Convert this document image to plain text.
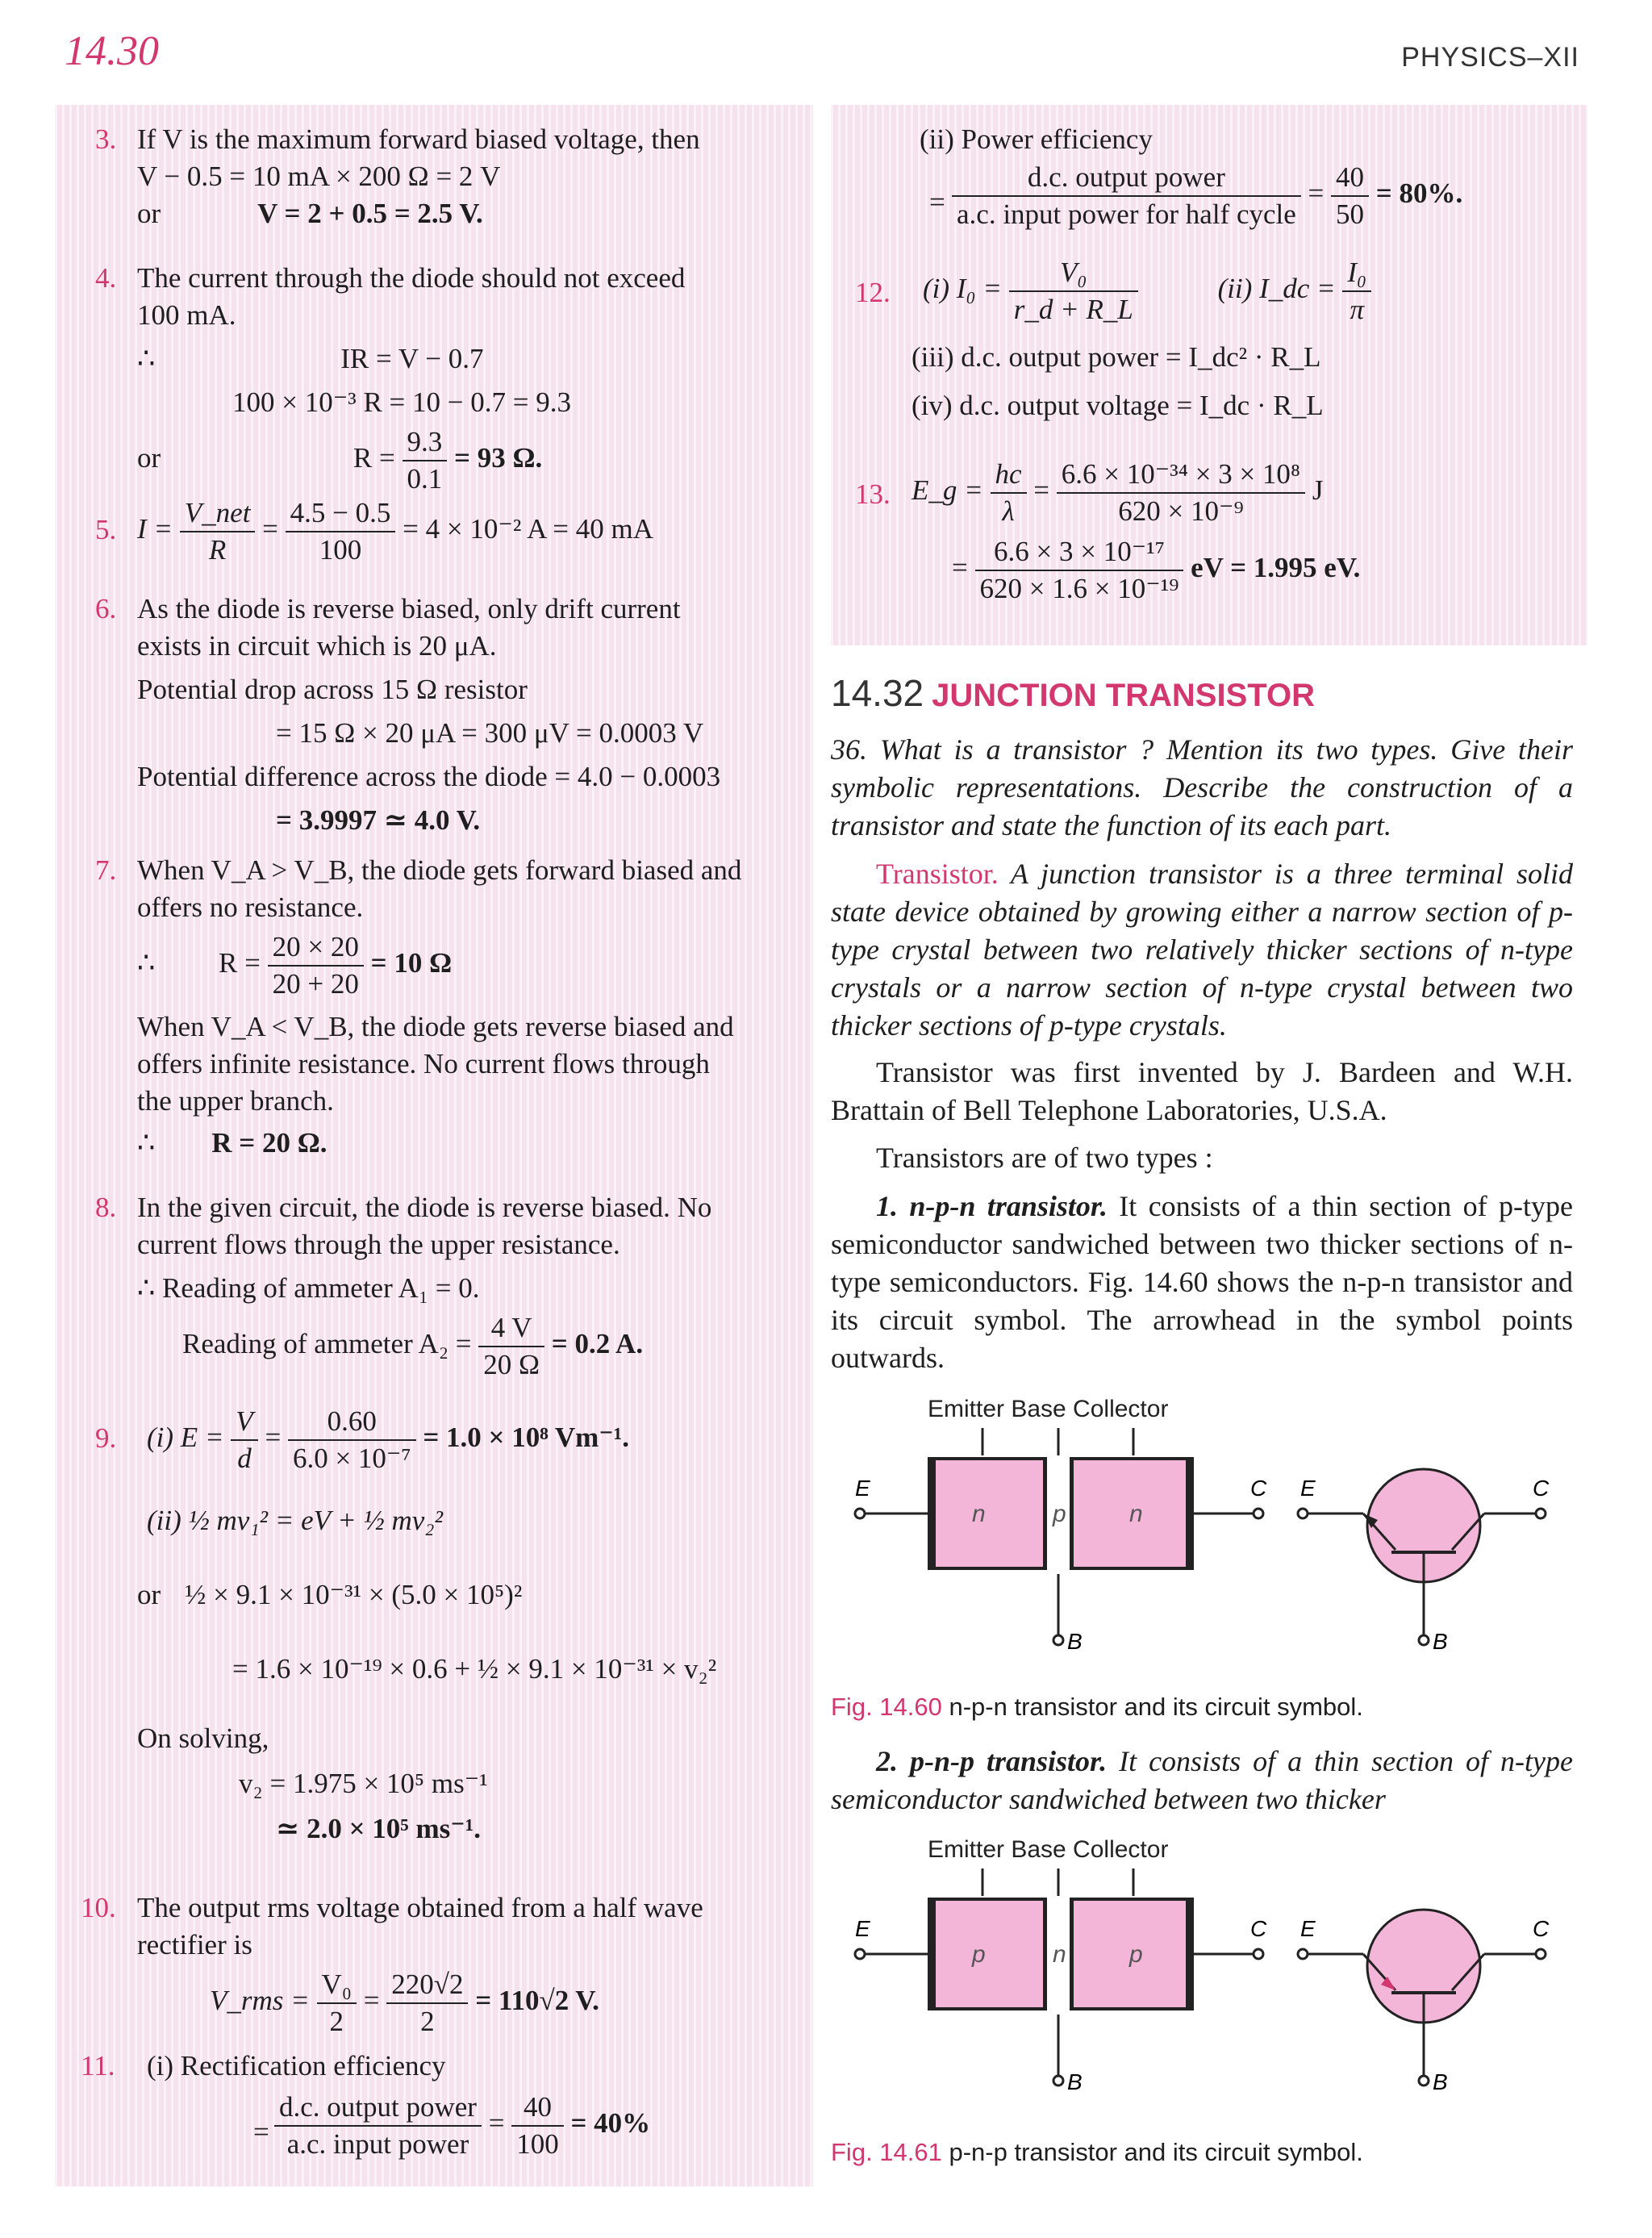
14.30	PHYSICS–XII
3. If V is the maximum forward biased voltage, then
V − 0.5 = 10 mA × 200 Ω = 2 V
or	V = 2 + 0.5 = 2.5 V.
4. The current through the diode should not exceed
100 mA.
∴	IR = V − 0.7
100 × 10⁻³ R = 10 − 0.7 = 9.3
or	$R = \frac{9.3}{0.1} = 93$ Ω.
5. $I = \frac{\text{V\_net}}{R} = \frac{4.5 - 0.5}{100} = 4 \times 10^{-2}$ A = 40 mA
6. As the diode is reverse biased, only drift current
exists in circuit which is 20 μA.
Potential drop across 15 Ω resistor
= 15 Ω × 20 μA = 300 μV = 0.0003 V
Potential difference across the diode = 4.0 − 0.0003
= 3.9997 ≃ 4.0 V.
7. When V_A > V_B, the diode gets forward biased and
offers no resistance.
∴ $R = \frac{20 \times 20}{20 + 20} = 10$ Ω
When V_A < V_B, the diode gets reverse biased and
offers infinite resistance. No current flows through
the upper branch.
∴ R = 20 Ω.
8. In the given circuit, the diode is reverse biased. No
current flows through the upper resistance.
∴ Reading of ammeter A₁ = 0.
Reading of ammeter $A_2 = \frac{4 V}{20 \Omega} = 0.2$ A.
9. (i) $E = \frac{V}{d} = \frac{0.60}{\text{6.0 × 10⁻⁷}} = 1.0 \times 10^8$ Vm⁻¹.
(ii) ½ mv₁² = eV + ½ mv₂²
or ½ × 9.1 × 10⁻³¹ × (5.0 × 10⁵)²
= 1.6 × 10⁻¹⁹ × 0.6 + ½ × 9.1 × 10⁻³¹ × v₂²
On solving,
v₂ = 1.975 × 10⁵ ms⁻¹
≃ 2.0 × 10⁵ ms⁻¹.
10. The output rms voltage obtained from a half wave
rectifier is
V_rms = $\frac{\text{V₀}}{2} = \frac{220√2}{2} = 110√2$ V.
11. (i) Rectification efficiency
= $\frac{\text{d.c. output power}}{\text{a.c. input power}} = \frac{40}{100} = 40\%$
(ii) Power efficiency
= $\frac{\text{d.c. output power}}{\text{a.c. input power for half cycle}} = \frac{40}{50} = 80\%$.
12. (i) $I_0 = \frac{\text{V₀}}{r\_d + R\_L}$	(ii) I_dc = $\frac{\text{I₀}}{\pi}$
(iii) d.c. output power = I_dc² · R_L
(iv) d.c. output voltage = I_dc · R_L
13. E_g = $\frac{hc}{\lambda} = \frac{\text{6.6 × 10⁻³⁴ × 3 × 10⁸}}{\text{620 × 10⁻⁹}}$ J
= $\frac{\text{6.6 × 3 × 10⁻¹⁷}}{\text{620 × 1.6 × 10⁻¹⁹}}$ eV = 1.995 eV.
14.32 JUNCTION TRANSISTOR
36. What is a transistor ? Mention its two types. Give their symbolic representations. Describe the construction of a transistor and state the function of its each part.
Transistor. A junction transistor is a three terminal solid state device obtained by growing either a narrow section of p-type crystal between two relatively thicker sections of n-type crystals or a narrow section of n-type crystal between two thicker sections of p-type crystals.
Transistor was first invented by J. Bardeen and W.H. Brattain of Bell Telephone Laboratories, U.S.A.
Transistors are of two types :
1. n-p-n transistor. It consists of a thin section of p-type semiconductor sandwiched between two thicker sections of n-type semiconductors. Fig. 14.60 shows the n-p-n transistor and its circuit symbol. The arrowhead in the symbol points outwards.
Emitter Base Collector
E	C
B
n	p	n
E	C
B
Fig. 14.60 n-p-n transistor and its circuit symbol.
2. p-n-p transistor. It consists of a thin section of n-type semiconductor sandwiched between two thicker
Emitter Base Collector
E	C
B
p	n	p
E	C
B
Fig. 14.61 p-n-p transistor and its circuit symbol.
